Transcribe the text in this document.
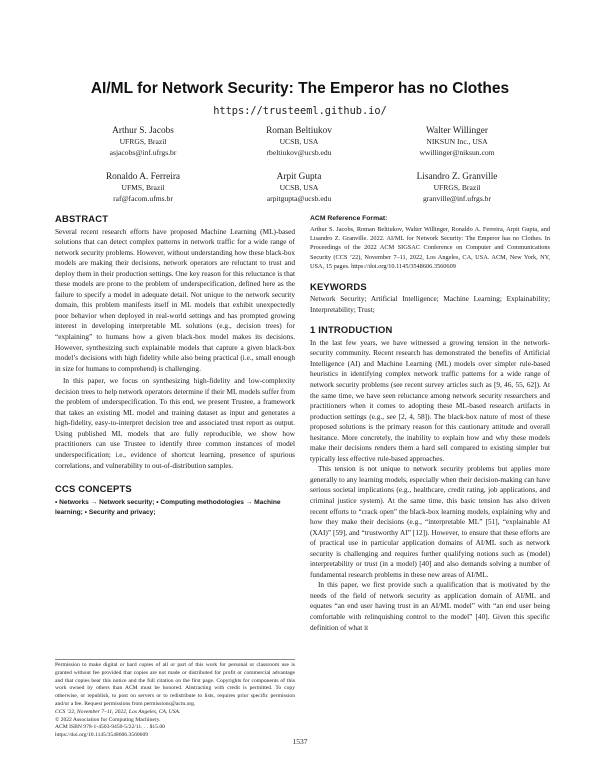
AI/ML for Network Security: The Emperor has no Clothes
https://trusteeml.github.io/
Arthur S. Jacobs
UFRGS, Brazil
asjacobs@inf.ufrgs.br
Roman Beltiukov
UCSB, USA
rbeltiukov@ucsb.edu
Walter Willinger
NIKSUN Inc., USA
wwillinger@niksun.com
Ronaldo A. Ferreira
UFMS, Brazil
raf@facom.ufms.br
Arpit Gupta
UCSB, USA
arpitgupta@ucsb.edu
Lisandro Z. Granville
UFRGS, Brazil
granville@inf.ufrgs.br

ABSTRACT

Several recent research efforts have proposed Machine Learning (ML)-based solutions that can detect complex patterns in network traffic for a wide range of network security problems. However, without understanding how these black-box models are making their decisions, network operators are reluctant to trust and deploy them in their production settings. One key reason for this reluctance is that these models are prone to the problem of underspecification, defined here as the failure to specify a model in adequate detail. Not unique to the network security domain, this problem manifests itself in ML models that exhibit unexpectedly poor behavior when deployed in real-world settings and has prompted growing interest in developing interpretable ML solutions (e.g., decision trees) for “explaining” to humans how a given black-box model makes its decisions. However, synthesizing such explainable models that capture a given black-box model’s decisions with high fidelity while also being practical (i.e., small enough in size for humans to comprehend) is challenging.

In this paper, we focus on synthesizing high-fidelity and low-complexity decision trees to help network operators determine if their ML models suffer from the problem of underspecification. To this end, we present Trustee, a framework that takes an existing ML model and training dataset as input and generates a high-fidelity, easy-to-interpret decision tree and associated trust report as output. Using published ML models that are fully reproducible, we show how practitioners can use Trustee to identify three common instances of model underspecification; i.e., evidence of shortcut learning, presence of spurious correlations, and vulnerability to out-of-distribution samples.

CCS CONCEPTS

• Networks → Network security; • Computing methodologies → Machine learning; • Security and privacy;

Permission to make digital or hard copies of all or part of this work for personal or classroom use is granted without fee provided that copies are not made or distributed for profit or commercial advantage and that copies bear this notice and the full citation on the first page. Copyrights for components of this work owned by others than ACM must be honored. Abstracting with credit is permitted. To copy otherwise, or republish, to post on servers or to redistribute to lists, requires prior specific permission and/or a fee. Request permissions from permissions@acm.org.

CCS ’22, November 7–11, 2022, Los Angeles, CA, USA.

© 2022 Association for Computing Machinery.

ACM ISBN 978-1-4503-9450-5/22/11. . . $15.00

https://doi.org/10.1145/3548606.3560609

ACM Reference Format:

Arthur S. Jacobs, Roman Beltiukov, Walter Willinger, Ronaldo A. Ferreira, Arpit Gupta, and Lisandro Z. Granville. 2022. AI/ML for Network Security: The Emperor has no Clothes. In Proceedings of the 2022 ACM SIGSAC Conference on Computer and Communications Security (CCS ’22), November 7–11, 2022, Los Angeles, CA, USA. ACM, New York, NY, USA, 15 pages. https://doi.org/10.1145/3548606.3560609

KEYWORDS

Network Security; Artificial Intelligence; Machine Learning; Explainability; Interpretability; Trust;

1 INTRODUCTION

In the last few years, we have witnessed a growing tension in the network-security community. Recent research has demonstrated the benefits of Artificial Intelligence (AI) and Machine Learning (ML) models over simpler rule-based heuristics in identifying complex network traffic patterns for a wide range of network security problems (see recent survey articles such as [9, 46, 55, 62]). At the same time, we have seen reluctance among network security researchers and practitioners when it comes to adopting these ML-based research artifacts in production settings (e.g., see [2, 4, 58]). The black-box nature of most of these proposed solutions is the primary reason for this cautionary attitude and overall hesitance. More concretely, the inability to explain how and why these models make their decisions renders them a hard sell compared to existing simpler but typically less effective rule-based approaches.

This tension is not unique to network security problems but applies more generally to any learning models, especially when their decision-making can have serious societal implications (e.g., healthcare, credit rating, job applications, and criminal justice system). At the same time, this basic tension has also driven recent efforts to “crack open” the black-box learning models, explaining why and how they make their decisions (e.g., “interpretable ML” [51], “explainable AI (XAI)” [59], and “trustworthy AI” [12]). However, to ensure that these efforts are of practical use in particular application domains of AI/ML such as network security is challenging and requires further qualifying notions such as (model) interpretability or trust (in a model) [40] and also demands solving a number of fundamental research problems in these new areas of AI/ML.

In this paper, we first provide such a qualification that is motivated by the needs of the field of network security as application domain of AI/ML and equates “an end user having trust in an AI/ML model” with “an end user being comfortable with relinquishing control to the model” [40]. Given this specific definition of what it

1537
